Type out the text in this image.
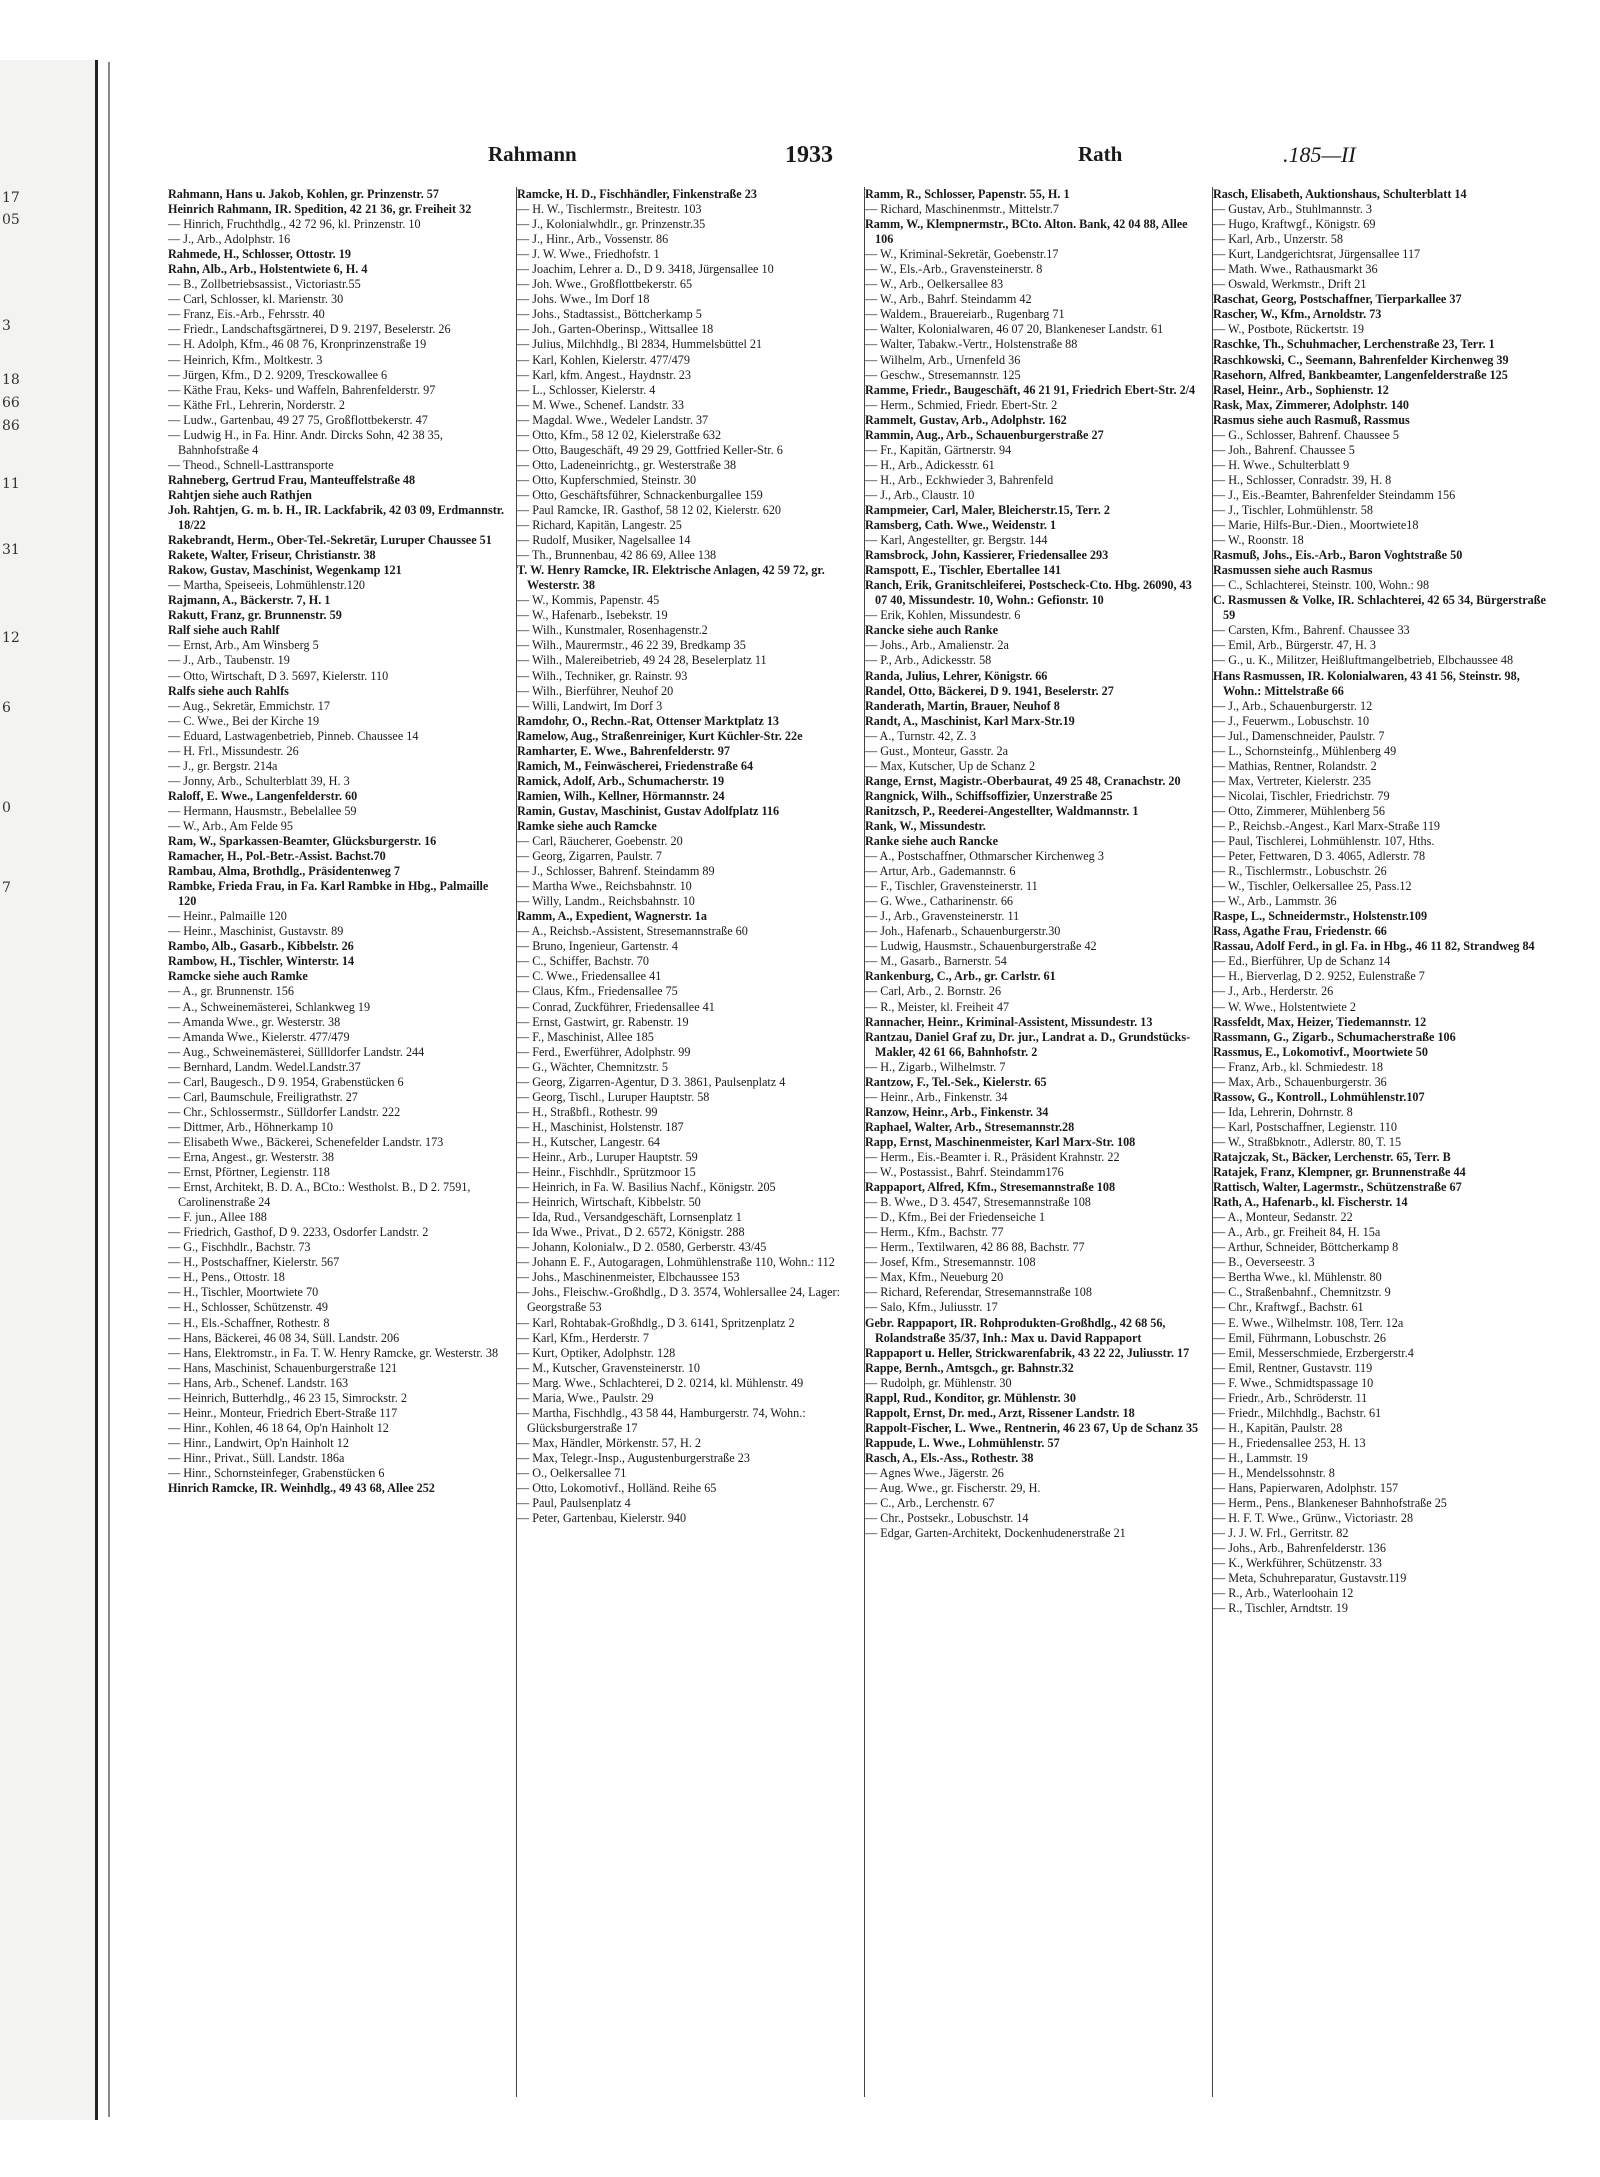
17
05
3
18
66
86
11
31
12
6
0
7
Rahmann	1933	Rath	.185—II
Rahmann, Hans u. Jakob, Kohlen, gr. Prinzenstr. 57
Heinrich Rahmann, IR. Spedition, 42 21 36, gr. Freiheit 32
— Hinrich, Fruchthdlg., 42 72 96, kl. Prinzenstr. 10
— J., Arb., Adolphstr. 16
Rahmede, H., Schlosser, Ottostr. 19
Rahn, Alb., Arb., Holstentwiete 6, H. 4
— B., Zollbetriebsassist., Victoriastr.55
— Carl, Schlosser, kl. Marienstr. 30
— Franz, Eis.-Arb., Fehrsstr. 40
— Friedr., Landschaftsgärtnerei, D 9. 2197, Beselerstr. 26
— H. Adolph, Kfm., 46 08 76, Kronprinzenstraße 19
— Heinrich, Kfm., Moltkestr. 3
— Jürgen, Kfm., D 2. 9209, Tresckowallee 6
— Käthe Frau, Keks- und Waffeln, Bahrenfelderstr. 97
— Käthe Frl., Lehrerin, Norderstr. 2
— Ludw., Gartenbau, 49 27 75, Großflottbekerstr. 47
— Ludwig H., in Fa. Hinr. Andr. Dircks Sohn, 42 38 35, Bahnhofstraße 4
— Theod., Schnell-Lasttransporte
Rahneberg, Gertrud Frau, Manteuffelstraße 48
Rahtjen siehe auch Rathjen
Joh. Rahtjen, G. m. b. H., IR. Lackfabrik, 42 03 09, Erdmannstr. 18/22
Rakebrandt, Herm., Ober-Tel.-Sekretär, Luruper Chaussee 51
Rakete, Walter, Friseur, Christianstr. 38
Rakow, Gustav, Maschinist, Wegenkamp 121
— Martha, Speiseeis, Lohmühlenstr.120
Rajmann, A., Bäckerstr. 7, H. 1
Rakutt, Franz, gr. Brunnenstr. 59
Ralf siehe auch Rahlf
— Ernst, Arb., Am Winsberg 5
— J., Arb., Taubenstr. 19
— Otto, Wirtschaft, D 3. 5697, Kielerstr. 110
Ralfs siehe auch Rahlfs
— Aug., Sekretär, Emmichstr. 17
— C. Wwe., Bei der Kirche 19
— Eduard, Lastwagenbetrieb, Pinneb. Chaussee 14
— H. Frl., Missundestr. 26
— J., gr. Bergstr. 214a
— Jonny, Arb., Schulterblatt 39, H. 3
Raloff, E. Wwe., Langenfelderstr. 60
— Hermann, Hausmstr., Bebelallee 59
— W., Arb., Am Felde 95
Ram, W., Sparkassen-Beamter, Glücksburgerstr. 16
Ramacher, H., Pol.-Betr.-Assist. Bachst.70
Rambau, Alma, Brothdlg., Präsidentenweg 7
Rambke, Frieda Frau, in Fa. Karl Rambke in Hbg., Palmaille 120
— Heinr., Palmaille 120
— Heinr., Maschinist, Gustavstr. 89
Rambo, Alb., Gasarb., Kibbelstr. 26
Rambow, H., Tischler, Winterstr. 14
Ramcke siehe auch Ramke
— A., gr. Brunnenstr. 156
— A., Schweinemästerei, Schlankweg 19
— Amanda Wwe., gr. Westerstr. 38
— Amanda Wwe., Kielerstr. 477/479
— Aug., Schweinemästerei, Süllldorfer Landstr. 244
— Bernhard, Landm. Wedel.Landstr.37
— Carl, Baugesch., D 9. 1954, Grabenstücken 6
— Carl, Baumschule, Freiligrathstr. 27
— Chr., Schlossermstr., Sülldorfer Landstr. 222
— Dittmer, Arb., Höhnerkamp 10
— Elisabeth Wwe., Bäckerei, Schenefelder Landstr. 173
— Erna, Angest., gr. Westerstr. 38
— Ernst, Pförtner, Legienstr. 118
— Ernst, Architekt, B. D. A., BCto.: Westholst. B., D 2. 7591, Carolinenstraße 24
— F. jun., Allee 188
— Friedrich, Gasthof, D 9. 2233, Osdorfer Landstr. 2
— G., Fischhdlr., Bachstr. 73
— H., Postschaffner, Kielerstr. 567
— H., Pens., Ottostr. 18
— H., Tischler, Moortwiete 70
— H., Schlosser, Schützenstr. 49
— H., Els.-Schaffner, Rothestr. 8
— Hans, Bäckerei, 46 08 34, Süll. Landstr. 206
— Hans, Elektromstr., in Fa. T. W. Henry Ramcke, gr. Westerstr. 38
— Hans, Maschinist, Schauenburgerstraße 121
— Hans, Arb., Schenef. Landstr. 163
— Heinrich, Butterhdlg., 46 23 15, Simrockstr. 2
— Heinr., Monteur, Friedrich Ebert-Straße 117
— Hinr., Kohlen, 46 18 64, Op'n Hainholt 12
— Hinr., Landwirt, Op'n Hainholt 12
— Hinr., Privat., Süll. Landstr. 186a
— Hinr., Schornsteinfeger, Grabenstücken 6
Hinrich Ramcke, IR. Weinhdlg., 49 43 68, Allee 252
Ramcke, H. D., Fischhändler, Finkenstraße 23
— H. W., Tischlermstr., Breitestr. 103
— J., Kolonialwhdlr., gr. Prinzenstr.35
— J., Hinr., Arb., Vossenstr. 86
— J. W. Wwe., Friedhofstr. 1
— Joachim, Lehrer a. D., D 9. 3418, Jürgensallee 10
— Joh. Wwe., Großflottbekerstr. 65
— Johs. Wwe., Im Dorf 18
— Johs., Stadtassist., Böttcherkamp 5
— Joh., Garten-Oberinsp., Wittsallee 18
— Julius, Milchhdlg., Bl 2834, Hummelsbüttel 21
— Karl, Kohlen, Kielerstr. 477/479
— Karl, kfm. Angest., Haydnstr. 23
— L., Schlosser, Kielerstr. 4
— M. Wwe., Schenef. Landstr. 33
— Magdal. Wwe., Wedeler Landstr. 37
— Otto, Kfm., 58 12 02, Kielerstraße 632
— Otto, Baugeschäft, 49 29 29, Gottfried Keller-Str. 6
— Otto, Ladeneinrichtg., gr. Westerstraße 38
— Otto, Kupferschmied, Steinstr. 30
— Otto, Geschäftsführer, Schnackenburgallee 159
— Paul Ramcke, IR. Gasthof, 58 12 02, Kielerstr. 620
— Richard, Kapitän, Langestr. 25
— Rudolf, Musiker, Nagelsallee 14
— Th., Brunnenbau, 42 86 69, Allee 138
T. W. Henry Ramcke, IR. Elektrische Anlagen, 42 59 72, gr. Westerstr. 38
— W., Kommis, Papenstr. 45
— W., Hafenarb., Isebekstr. 19
— Wilh., Kunstmaler, Rosenhagenstr.2
— Wilh., Maurermstr., 46 22 39, Bredkamp 35
— Wilh., Malereibetrieb, 49 24 28, Beselerplatz 11
— Wilh., Techniker, gr. Rainstr. 93
— Wilh., Bierführer, Neuhof 20
— Willi, Landwirt, Im Dorf 3
Ramdohr, O., Rechn.-Rat, Ottenser Marktplatz 13
Ramelow, Aug., Straßenreiniger, Kurt Küchler-Str. 22e
Ramharter, E. Wwe., Bahrenfelderstr. 97
Ramich, M., Feinwäscherei, Friedenstraße 64
Ramick, Adolf, Arb., Schumacherstr. 19
Ramien, Wilh., Kellner, Hörmannstr. 24
Ramin, Gustav, Maschinist, Gustav Adolfplatz 116
Ramke siehe auch Ramcke
— Carl, Räucherer, Goebenstr. 20
— Georg, Zigarren, Paulstr. 7
— J., Schlosser, Bahrenf. Steindamm 89
— Martha Wwe., Reichsbahnstr. 10
— Willy, Landm., Reichsbahnstr. 10
Ramm, A., Expedient, Wagnerstr. 1a
— A., Reichsb.-Assistent, Stresemannstraße 60
— Bruno, Ingenieur, Gartenstr. 4
— C., Schiffer, Bachstr. 70
— C. Wwe., Friedensallee 41
— Claus, Kfm., Friedensallee 75
— Conrad, Zuckführer, Friedensallee 41
— Ernst, Gastwirt, gr. Rabenstr. 19
— F., Maschinist, Allee 185
— Ferd., Ewerführer, Adolphstr. 99
— G., Wächter, Chemnitzstr. 5
— Georg, Zigarren-Agentur, D 3. 3861, Paulsenplatz 4
— Georg, Tischl., Luruper Hauptstr. 58
— H., Straßbfl., Rothestr. 99
— H., Maschinist, Holstenstr. 187
— H., Kutscher, Langestr. 64
— Heinr., Arb., Luruper Hauptstr. 59
— Heinr., Fischhdlr., Sprützmoor 15
— Heinrich, in Fa. W. Basilius Nachf., Königstr. 205
— Heinrich, Wirtschaft, Kibbelstr. 50
— Ida, Rud., Versandgeschäft, Lornsenplatz 1
— Ida Wwe., Privat., D 2. 6572, Königstr. 288
— Johann, Kolonialw., D 2. 0580, Gerberstr. 43/45
— Johann E. F., Autogaragen, Lohmühlenstraße 110, Wohn.: 112
— Johs., Maschinenmeister, Elbchaussee 153
— Johs., Fleischw.-Großhdlg., D 3. 3574, Wohlersallee 24, Lager: Georgstraße 53
— Karl, Rohtabak-Großhdlg., D 3. 6141, Spritzenplatz 2
— Karl, Kfm., Herderstr. 7
— Kurt, Optiker, Adolphstr. 128
— M., Kutscher, Gravensteinerstr. 10
— Marg. Wwe., Schlachterei, D 2. 0214, kl. Mühlenstr. 49
— Maria, Wwe., Paulstr. 29
— Martha, Fischhdlg., 43 58 44, Hamburgerstr. 74, Wohn.: Glücksburgerstraße 17
— Max, Händler, Mörkenstr. 57, H. 2
— Max, Telegr.-Insp., Augustenburgerstraße 23
— O., Oelkersallee 71
— Otto, Lokomotivf., Holländ. Reihe 65
— Paul, Paulsenplatz 4
— Peter, Gartenbau, Kielerstr. 940
Ramm, R., Schlosser, Papenstr. 55, H. 1
— Richard, Maschinenmstr., Mittelstr.7
Ramm, W., Klempnermstr., BCto. Alton. Bank, 42 04 88, Allee 106
— W., Kriminal-Sekretär, Goebenstr.17
— W., Els.-Arb., Gravensteinerstr. 8
— W., Arb., Oelkersallee 83
— W., Arb., Bahrf. Steindamm 42
— Waldem., Brauereiarb., Rugenbarg 71
— Walter, Kolonialwaren, 46 07 20, Blankeneser Landstr. 61
— Walter, Tabakw.-Vertr., Holstenstraße 88
— Wilhelm, Arb., Urnenfeld 36
— Geschw., Stresemannstr. 125
Ramme, Friedr., Baugeschäft, 46 21 91, Friedrich Ebert-Str. 2/4
— Herm., Schmied, Friedr. Ebert-Str. 2
Rammelt, Gustav, Arb., Adolphstr. 162
Rammin, Aug., Arb., Schauenburgerstraße 27
— Fr., Kapitän, Gärtnerstr. 94
— H., Arb., Adickesstr. 61
— H., Arb., Eckhwieder 3, Bahrenfeld
— J., Arb., Claustr. 10
Rampmeier, Carl, Maler, Bleicherstr.15, Terr. 2
Ramsberg, Cath. Wwe., Weidenstr. 1
— Karl, Angestellter, gr. Bergstr. 144
Ramsbrock, John, Kassierer, Friedensallee 293
Ramspott, E., Tischler, Ebertallee 141
Ranch, Erik, Granitschleiferei, Postscheck-Cto. Hbg. 26090, 43 07 40, Missundestr. 10, Wohn.: Gefionstr. 10
— Erik, Kohlen, Missundestr. 6
Rancke siehe auch Ranke
— Johs., Arb., Amalienstr. 2a
— P., Arb., Adickesstr. 58
Randa, Julius, Lehrer, Königstr. 66
Randel, Otto, Bäckerei, D 9. 1941, Beselerstr. 27
Randerath, Martin, Brauer, Neuhof 8
Randt, A., Maschinist, Karl Marx-Str.19
— A., Turnstr. 42, Z. 3
— Gust., Monteur, Gasstr. 2a
— Max, Kutscher, Up de Schanz 2
Range, Ernst, Magistr.-Oberbaurat, 49 25 48, Cranachstr. 20
Rangnick, Wilh., Schiffsoffizier, Unzerstraße 25
Ranitzsch, P., Reederei-Angestellter, Waldmannstr. 1
Rank, W., Missundestr.
Ranke siehe auch Rancke
— A., Postschaffner, Othmarscher Kirchenweg 3
— Artur, Arb., Gademannstr. 6
— F., Tischler, Gravensteinerstr. 11
— G. Wwe., Catharinenstr. 66
— J., Arb., Gravensteinerstr. 11
— Joh., Hafenarb., Schauenburgerstr.30
— Ludwig, Hausmstr., Schauenburgerstraße 42
— M., Gasarb., Barnerstr. 54
Rankenburg, C., Arb., gr. Carlstr. 61
— Carl, Arb., 2. Bornstr. 26
— R., Meister, kl. Freiheit 47
Rannacher, Heinr., Kriminal-Assistent, Missundestr. 13
Rantzau, Daniel Graf zu, Dr. jur., Landrat a. D., Grundstücks-Makler, 42 61 66, Bahnhofstr. 2
— H., Zigarb., Wilhelmstr. 7
Rantzow, F., Tel.-Sek., Kielerstr. 65
— Heinr., Arb., Finkenstr. 34
Ranzow, Heinr., Arb., Finkenstr. 34
Raphael, Walter, Arb., Stresemannstr.28
Rapp, Ernst, Maschinenmeister, Karl Marx-Str. 108
— Herm., Eis.-Beamter i. R., Präsident Krahnstr. 22
— W., Postassist., Bahrf. Steindamm176
Rappaport, Alfred, Kfm., Stresemannstraße 108
— B. Wwe., D 3. 4547, Stresemannstraße 108
— D., Kfm., Bei der Friedenseiche 1
— Herm., Kfm., Bachstr. 77
— Herm., Textilwaren, 42 86 88, Bachstr. 77
— Josef, Kfm., Stresemannstr. 108
— Max, Kfm., Neueburg 20
— Richard, Referendar, Stresemannstraße 108
— Salo, Kfm., Juliusstr. 17
Gebr. Rappaport, IR. Rohprodukten-Großhdlg., 42 68 56, Rolandstraße 35/37, Inh.: Max u. David Rappaport
Rappaport u. Heller, Strickwarenfabrik, 43 22 22, Juliusstr. 17
Rappe, Bernh., Amtsgch., gr. Bahnstr.32
— Rudolph, gr. Mühlenstr. 30
Rappl, Rud., Konditor, gr. Mühlenstr. 30
Rappolt, Ernst, Dr. med., Arzt, Rissener Landstr. 18
Rappolt-Fischer, L. Wwe., Rentnerin, 46 23 67, Up de Schanz 35
Rappude, L. Wwe., Lohmühlenstr. 57
Rasch, A., Els.-Ass., Rothestr. 38
— Agnes Wwe., Jägerstr. 26
— Aug. Wwe., gr. Fischerstr. 29, H.
— C., Arb., Lerchenstr. 67
— Chr., Postsekr., Lobuschstr. 14
— Edgar, Garten-Architekt, Dockenhudenerstraße 21
Rasch, Elisabeth, Auktionshaus, Schulterblatt 14
— Gustav, Arb., Stuhlmannstr. 3
— Hugo, Kraftwgf., Königstr. 69
— Karl, Arb., Unzerstr. 58
— Kurt, Landgerichtsrat, Jürgensallee 117
— Math. Wwe., Rathausmarkt 36
— Oswald, Werkmstr., Drift 21
Raschat, Georg, Postschaffner, Tierparkallee 37
Rascher, W., Kfm., Arnoldstr. 73
— W., Postbote, Rückertstr. 19
Raschke, Th., Schuhmacher, Lerchenstraße 23, Terr. 1
Raschkowski, C., Seemann, Bahrenfelder Kirchenweg 39
Rasehorn, Alfred, Bankbeamter, Langenfelderstraße 125
Rasel, Heinr., Arb., Sophienstr. 12
Rask, Max, Zimmerer, Adolphstr. 140
Rasmus siehe auch Rasmuß, Rassmus
— G., Schlosser, Bahrenf. Chaussee 5
— Joh., Bahrenf. Chaussee 5
— H. Wwe., Schulterblatt 9
— H., Schlosser, Conradstr. 39, H. 8
— J., Eis.-Beamter, Bahrenfelder Steindamm 156
— J., Tischler, Lohmühlenstr. 58
— Marie, Hilfs-Bur.-Dien., Moortwiete18
— W., Roonstr. 18
Rasmuß, Johs., Eis.-Arb., Baron Voghtstraße 50
Rasmussen siehe auch Rasmus
— C., Schlachterei, Steinstr. 100, Wohn.: 98
C. Rasmussen & Volke, IR. Schlachterei, 42 65 34, Bürgerstraße 59
— Carsten, Kfm., Bahrenf. Chaussee 33
— Emil, Arb., Bürgerstr. 47, H. 3
— G., u. K., Militzer, Heißluftmangelbetrieb, Elbchaussee 48
Hans Rasmussen, IR. Kolonialwaren, 43 41 56, Steinstr. 98, Wohn.: Mittelstraße 66
— J., Arb., Schauenburgerstr. 12
— J., Feuerwm., Lobuschstr. 10
— Jul., Damenschneider, Paulstr. 7
— L., Schornsteinfg., Mühlenberg 49
— Mathias, Rentner, Rolandstr. 2
— Max, Vertreter, Kielerstr. 235
— Nicolai, Tischler, Friedrichstr. 79
— Otto, Zimmerer, Mühlenberg 56
— P., Reichsb.-Angest., Karl Marx-Straße 119
— Paul, Tischlerei, Lohmühlenstr. 107, Hths.
— Peter, Fettwaren, D 3. 4065, Adlerstr. 78
— R., Tischlermstr., Lobuschstr. 26
— W., Tischler, Oelkersallee 25, Pass.12
— W., Arb., Lammstr. 36
Raspe, L., Schneidermstr., Holstenstr.109
Rass, Agathe Frau, Friedenstr. 66
Rassau, Adolf Ferd., in gl. Fa. in Hbg., 46 11 82, Strandweg 84
— Ed., Bierführer, Up de Schanz 14
— H., Bierverlag, D 2. 9252, Eulenstraße 7
— J., Arb., Herderstr. 26
— W. Wwe., Holstentwiete 2
Rassfeldt, Max, Heizer, Tiedemannstr. 12
Rassmann, G., Zigarb., Schumacherstraße 106
Rassmus, E., Lokomotivf., Moortwiete 50
— Franz, Arb., kl. Schmiedestr. 18
— Max, Arb., Schauenburgerstr. 36
Rassow, G., Kontroll., Lohmühlenstr.107
— Ida, Lehrerin, Dohrnstr. 8
— Karl, Postschaffner, Legienstr. 110
— W., Straßbknotr., Adlerstr. 80, T. 15
Ratajczak, St., Bäcker, Lerchenstr. 65, Terr. B
Ratajek, Franz, Klempner, gr. Brunnenstraße 44
Rattisch, Walter, Lagermstr., Schützenstraße 67
Rath, A., Hafenarb., kl. Fischerstr. 14
— A., Monteur, Sedanstr. 22
— A., Arb., gr. Freiheit 84, H. 15a
— Arthur, Schneider, Böttcherkamp 8
— B., Oeverseestr. 3
— Bertha Wwe., kl. Mühlenstr. 80
— C., Straßenbahnf., Chemnitzstr. 9
— Chr., Kraftwgf., Bachstr. 61
— E. Wwe., Wilhelmstr. 108, Terr. 12a
— Emil, Führmann, Lobuschstr. 26
— Emil, Messerschmiede, Erzbergerstr.4
— Emil, Rentner, Gustavstr. 119
— F. Wwe., Schmidtspassage 10
— Friedr., Arb., Schröderstr. 11
— Friedr., Milchhdlg., Bachstr. 61
— H., Kapitän, Paulstr. 28
— H., Friedensallee 253, H. 13
— H., Lammstr. 19
— H., Mendelssohnstr. 8
— Hans, Papierwaren, Adolphstr. 157
— Herm., Pens., Blankeneser Bahnhofstraße 25
— H. F. T. Wwe., Grünw., Victoriastr. 28
— J. J. W. Frl., Gerritstr. 82
— Johs., Arb., Bahrenfelderstr. 136
— K., Werkführer, Schützenstr. 33
— Meta, Schuhreparatur, Gustavstr.119
— R., Arb., Waterloohain 12
— R., Tischler, Arndtstr. 19
